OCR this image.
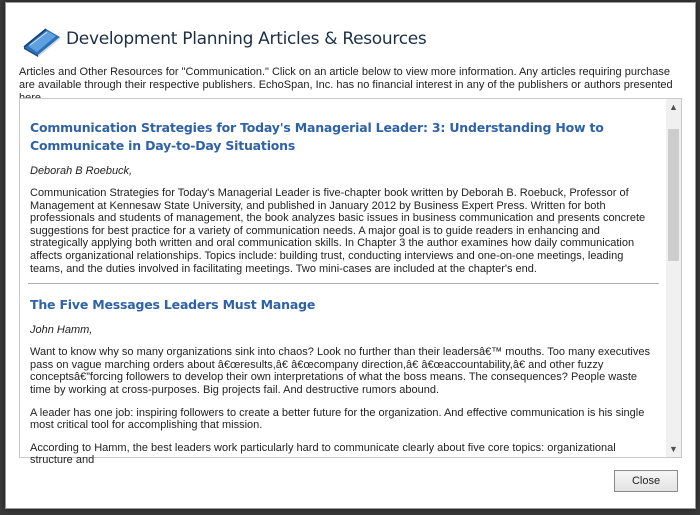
Development Planning Articles & Resources
Articles and Other Resources for "Communication." Click on an article below to view more information. Any articles requiring purchase are available through their respective publishers. EchoSpan, Inc. has no financial interest in any of the publishers or authors presented
Communication Strategies for Today's Managerial Leader: 3: Understanding How to Communicate in Day-to-Day Situations
Deborah B Roebuck,
Communication Strategies for Today's Managerial Leader is five-chapter book written by Deborah B. Roebuck, Professor of Management at Kennesaw State University, and published in January 2012 by Business Expert Press. Written for both professionals and students of management, the book analyzes basic issues in business communication and presents concrete suggestions for best practice for a variety of communication needs. A major goal is to guide readers in enhancing and strategically applying both written and oral communication skills. In Chapter 3 the author examines how daily communication affects organizational relationships. Topics include: building trust, conducting interviews and one-on-one meetings, leading teams, and the duties involved in facilitating meetings. Two mini-cases are included at the chapter's end.
The Five Messages Leaders Must Manage
John Hamm,
Want to know why so many organizations sink into chaos? Look no further than their leadersâ€™ mouths. Too many executives pass on vague marching orders about â€œresults,â€ â€œcompany direction,â€ â€œaccountability,â€ and other fuzzy conceptsâ€”forcing followers to develop their own interpretations of what the boss means. The consequences? People waste time by working at cross-purposes. Big projects fail. And destructive rumors abound.
A leader has one job: inspiring followers to create a better future for the organization. And effective communication is his single most critical tool for accomplishing that mission.
According to Hamm, the best leaders work particularly hard to communicate clearly about five core topics: organizational structure and
▲
▼
Close
